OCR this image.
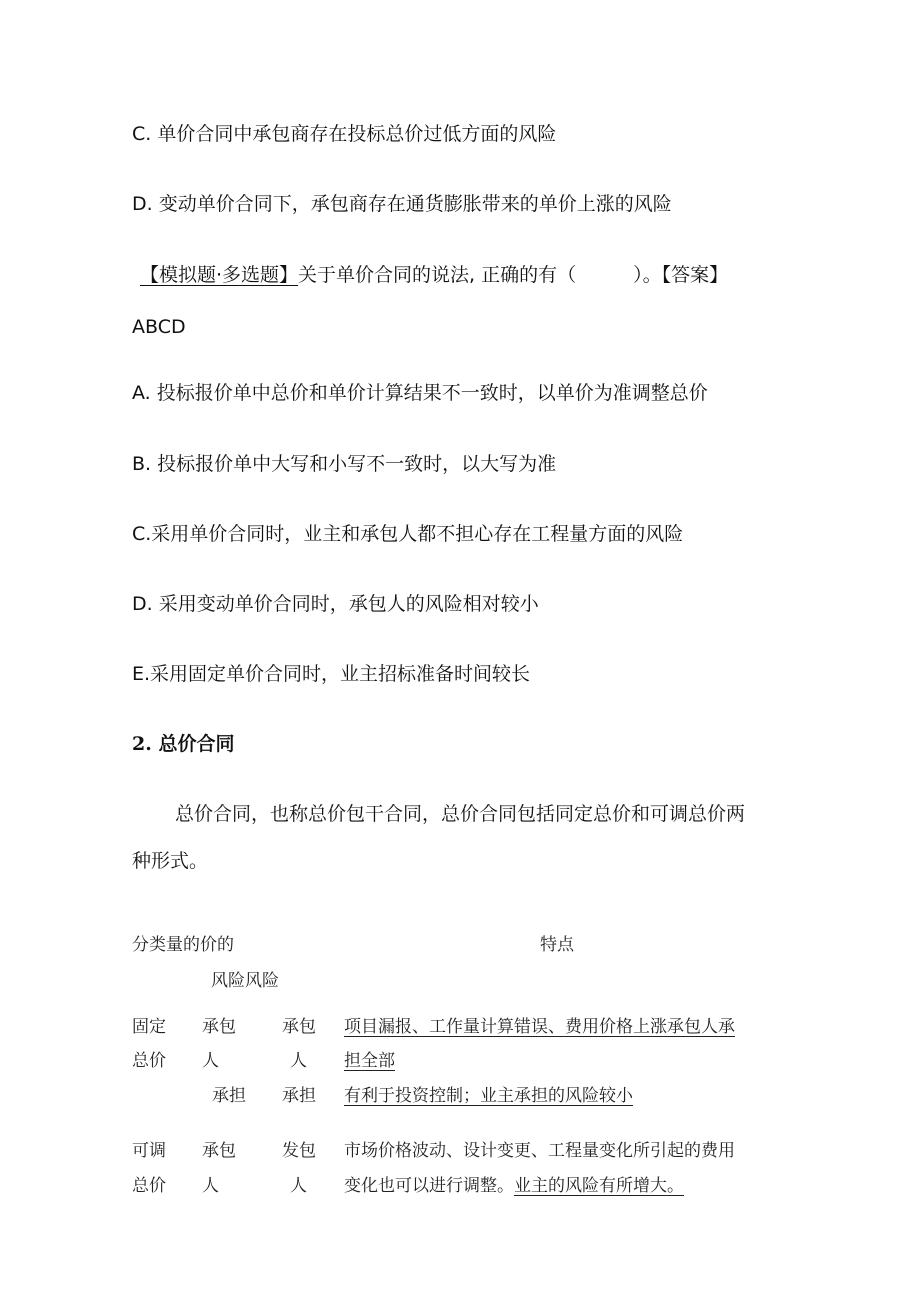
C. 单价合同中承包商存在投标总价过低方面的风险
D. 变动单价合同下，承包商存在通货膨胀带来的单价上涨的风险
【模拟题·多选题】关于单价合同的说法, 正确的有（　　　）。【答案】
ABCD
A. 投标报价单中总价和单价计算结果不一致时，以单价为准调整总价
B. 投标报价单中大写和小写不一致时，以大写为准
C.采用单价合同时，业主和承包人都不担心存在工程量方面的风险
D. 采用变动单价合同时，承包人的风险相对较小
E.采用固定单价合同时，业主招标准备时间较长
2. 总价合同
总价合同，也称总价包干合同，总价合同包括同定总价和可调总价两
种形式。
分类量的价的
风险风险
特点
固定
总价
承包
人
承担
承包
人
承担
项目漏报、工作量计算错误、费用价格上涨承包人承
担全部
有利于投资控制；业主承担的风险较小
可调
总价
承包
人
发包
人
市场价格波动、设计变更、工程量变化所引起的费用
变化也可以进行调整。业主的风险有所增大。
